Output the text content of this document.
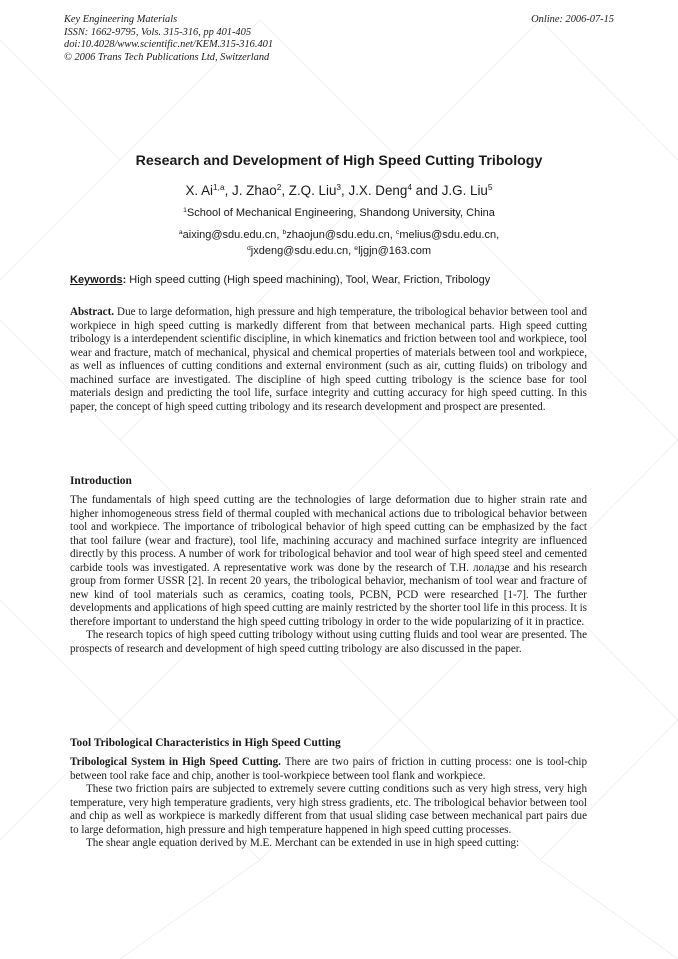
Key Engineering Materials
ISSN: 1662-9795, Vols. 315-316, pp 401-405
doi:10.4028/www.scientific.net/KEM.315-316.401
© 2006 Trans Tech Publications Ltd, Switzerland
Online: 2006-07-15
Research and Development of High Speed Cutting Tribology
X. Ai$^{1,a}$, J. Zhao$^2$, Z.Q. Liu$^3$, J.X. Deng$^4$ and J.G. Liu$^5$
$^1$School of Mechanical Engineering, Shandong University, China
$^a$aixing@sdu.edu.cn, $^b$zhaojun@sdu.edu.cn, $^c$melius@sdu.edu.cn,
$^d$jxdeng@sdu.edu.cn, $^e$ljgjn@163.com
Keywords: High speed cutting (High speed machining), Tool, Wear, Friction, Tribology

Abstract. Due to large deformation, high pressure and high temperature, the tribological behavior between tool and workpiece in high speed cutting is markedly different from that between mechanical parts. High speed cutting tribology is a interdependent scientific discipline, in which kinematics and friction between tool and workpiece, tool wear and fracture, match of mechanical, physical and chemical properties of materials between tool and workpiece, as well as influences of cutting conditions and external environment (such as air, cutting fluids) on tribology and machined surface are investigated. The discipline of high speed cutting tribology is the science base for tool materials design and predicting the tool life, surface integrity and cutting accuracy for high speed cutting. In this paper, the concept of high speed cutting tribology and its research development and prospect are presented.

Introduction

The fundamentals of high speed cutting are the technologies of large deformation due to higher strain rate and higher inhomogeneous stress field of thermal coupled with mechanical actions due to tribological behavior between tool and workpiece. The importance of tribological behavior of high speed cutting can be emphasized by the fact that tool failure (wear and fracture), tool life, machining accuracy and machined surface integrity are influenced directly by this process. A number of work for tribological behavior and tool wear of high speed steel and cemented carbide tools was investigated. A representative work was done by the research of T.H. лоладзе and his research group from former USSR [2]. In recent 20 years, the tribological behavior, mechanism of tool wear and fracture of new kind of tool materials such as ceramics, coating tools, PCBN, PCD were researched [1-7]. The further developments and applications of high speed cutting are mainly restricted by the shorter tool life in this process. It is therefore important to understand the high speed cutting tribology in order to the wide popularizing of it in practice.

The research topics of high speed cutting tribology without using cutting fluids and tool wear are presented. The prospects of research and development of high speed cutting tribology are also discussed in the paper.

Tool Tribological Characteristics in High Speed Cutting

Tribological System in High Speed Cutting. There are two pairs of friction in cutting process: one is tool-chip between tool rake face and chip, another is tool-workpiece between tool flank and workpiece.

These two friction pairs are subjected to extremely severe cutting conditions such as very high stress, very high temperature, very high temperature gradients, very high stress gradients, etc. The tribological behavior between tool and chip as well as workpiece is markedly different from that usual sliding case between mechanical part pairs due to large deformation, high pressure and high temperature happened in high speed cutting processes.

The shear angle equation derived by M.E. Merchant can be extended in use in high speed cutting:
